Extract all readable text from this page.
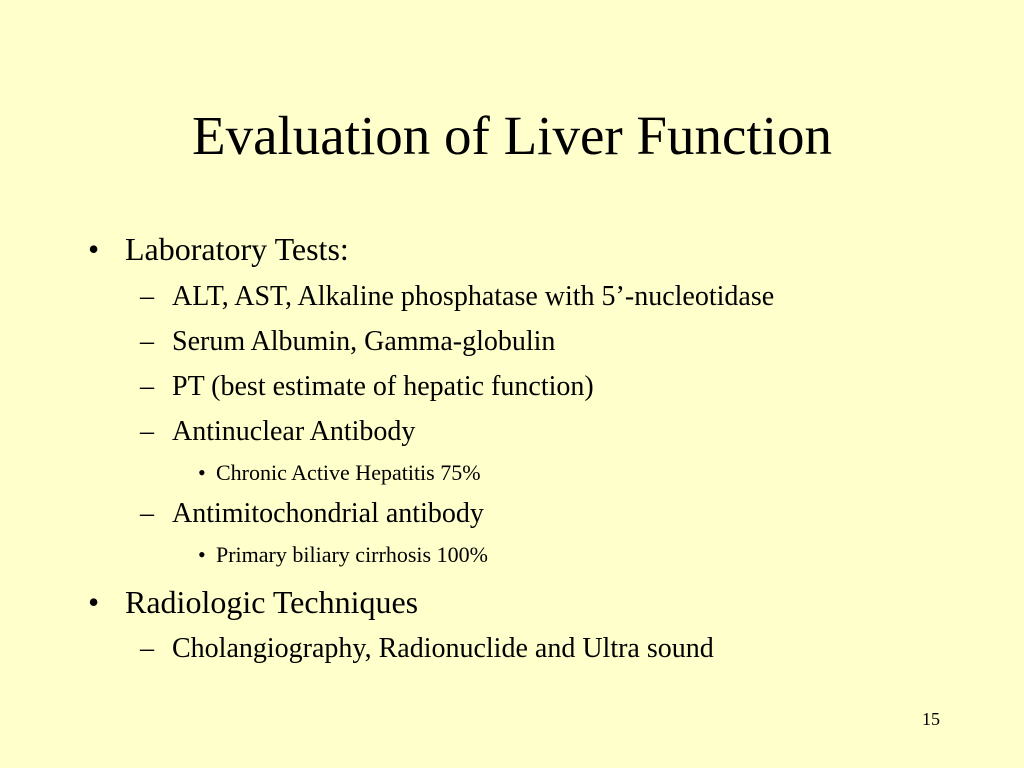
Evaluation of Liver Function
• Laboratory Tests:
– ALT, AST, Alkaline phosphatase with 5’-nucleotidase
– Serum Albumin, Gamma-globulin
– PT (best estimate of hepatic function)
– Antinuclear Antibody
• Chronic Active Hepatitis 75%
– Antimitochondrial antibody
• Primary biliary cirrhosis 100%
• Radiologic Techniques
– Cholangiography, Radionuclide and Ultra sound
15
